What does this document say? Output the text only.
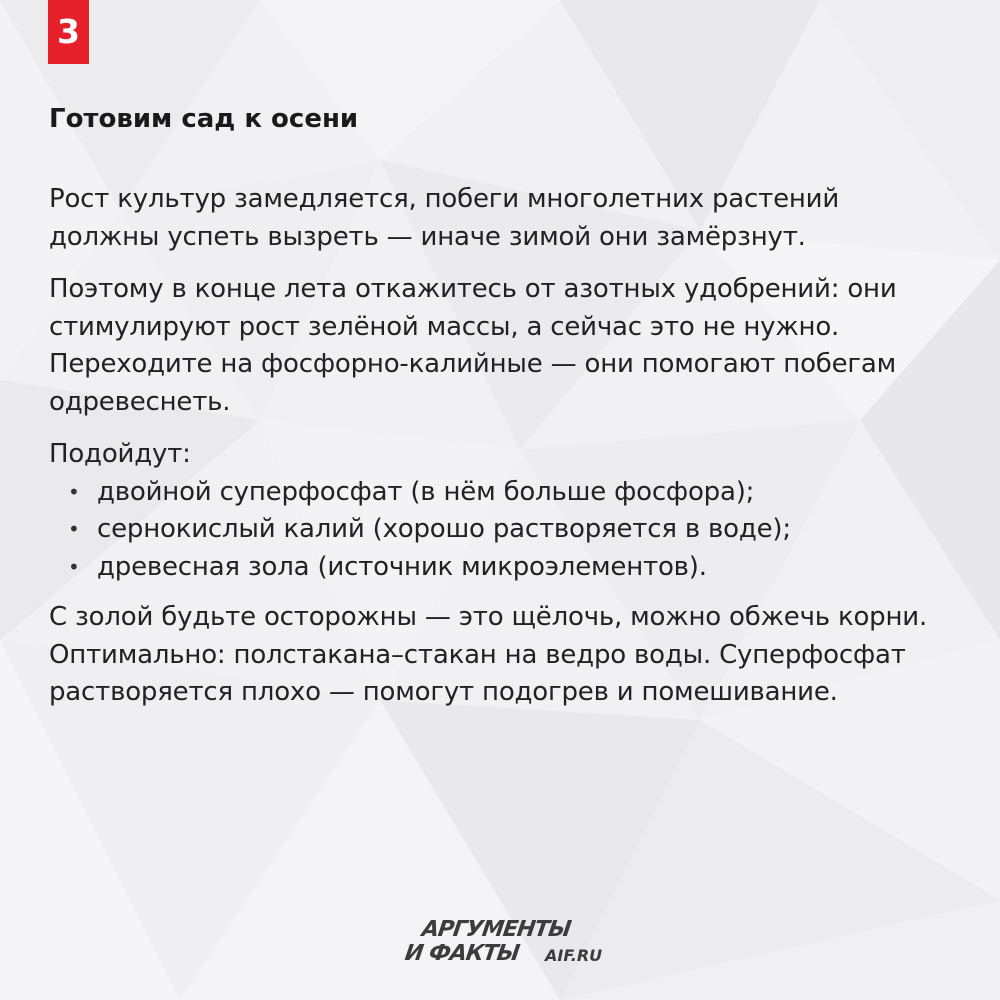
3
Готовим сад к осени

Рост культур замедляется, побеги многолетних растений должны успеть вызреть — иначе зимой они замёрзнут.

Поэтому в конце лета откажитесь от азотных удобрений: они стимулируют рост зелёной массы, а сейчас это не нужно. Переходите на фосфорно-калийные — они помогают побегам одревеснеть.

Подойдут:

• двойной суперфосфат (в нём больше фосфора);
• сернокислый калий (хорошо растворяется в воде);
• древесная зола (источник микроэлементов).

С золой будьте осторожны — это щёлочь, можно обжечь корни. Оптимально: полстакана–стакан на ведро воды. Суперфосфат растворяется плохо — помогут подогрев и помешивание.

АРГУМЕНТЫ
И ФАКТЫ AIF.RU
